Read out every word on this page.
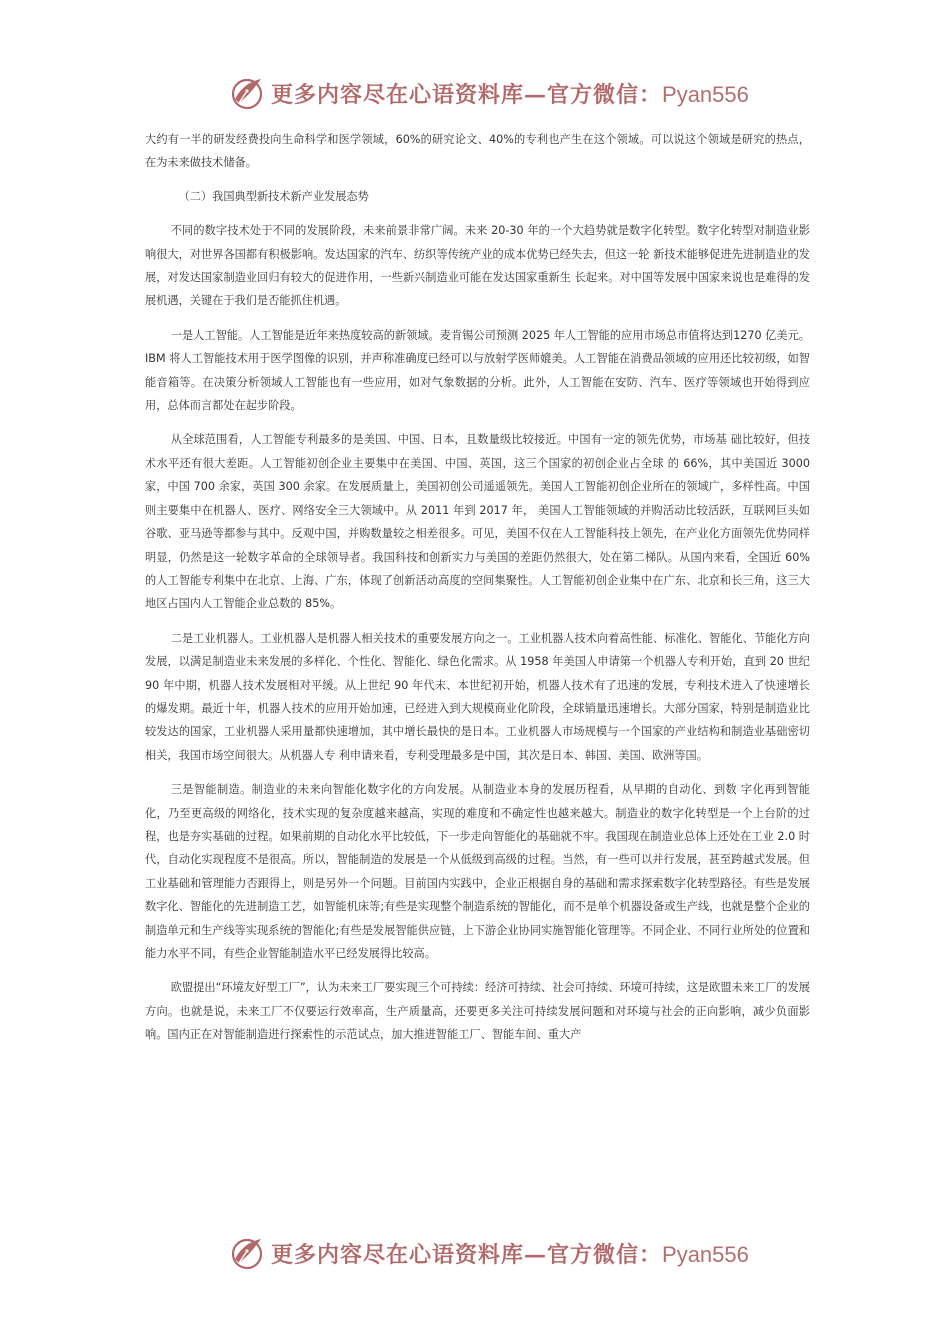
更多内容尽在心语资料库—官方微信：Pyan556

大约有一半的研发经费投向生命科学和医学领域，60%的研究论文、40%的专利也产生在这个领域。可以说这个领域是研究的热点，在为未来做技术储备。

（二）我国典型新技术新产业发展态势

不同的数字技术处于不同的发展阶段，未来前景非常广阔。未来 20-30 年的一个大趋势就是数字化转型。数字化转型对制造业影响很大，对世界各国都有积极影响。发达国家的汽车、纺织等传统产业的成本优势已经失去，但这一轮 新技术能够促进先进制造业的发展，对发达国家制造业回归有较大的促进作用，一些新兴制造业可能在发达国家重新生 长起来。对中国等发展中国家来说也是难得的发展机遇，关键在于我们是否能抓住机遇。

一是人工智能。人工智能是近年来热度较高的新领域。麦肯锡公司预测 2025 年人工智能的应用市场总市值将达到1270 亿美元。IBM 将人工智能技术用于医学图像的识别，并声称准确度已经可以与放射学医师媲美。人工智能在消费品领域的应用还比较初级，如智能音箱等。在决策分析领域人工智能也有一些应用，如对气象数据的分析。此外，人工智能在安防、汽车、医疗等领域也开始得到应用，总体而言都处在起步阶段。

从全球范围看，人工智能专利最多的是美国、中国、日本，且数量级比较接近。中国有一定的领先优势，市场基 础比较好，但技术水平还有很大差距。人工智能初创企业主要集中在美国、中国、英国，这三个国家的初创企业占全球 的 66%，其中美国近 3000 家，中国 700 余家，英国 300 余家。在发展质量上，美国初创公司遥遥领先。美国人工智能初创企业所在的领域广，多样性高。中国则主要集中在机器人、医疗、网络安全三大领域中。从 2011 年到 2017 年， 美国人工智能领域的并购活动比较活跃，互联网巨头如谷歌、亚马逊等都参与其中。反观中国，并购数量较之相差很多。可见，美国不仅在人工智能科技上领先，在产业化方面领先优势同样明显，仍然是这一轮数字革命的全球领导者。我国科技和创新实力与美国的差距仍然很大，处在第二梯队。从国内来看，全国近 60%的人工智能专利集中在北京、上海、广东，体现了创新活动高度的空间集聚性。人工智能初创企业集中在广东、北京和长三角，这三大地区占国内人工智能企业总数的 85%。

二是工业机器人。工业机器人是机器人相关技术的重要发展方向之一。工业机器人技术向着高性能、标准化、智能化、节能化方向发展，以满足制造业未来发展的多样化、个性化、智能化、绿色化需求。从 1958 年美国人申请第一个机器人专利开始，直到 20 世纪 90 年中期，机器人技术发展相对平缓。从上世纪 90 年代末、本世纪初开始，机器人技术有了迅速的发展，专利技术进入了快速增长的爆发期。最近十年，机器人技术的应用开始加速，已经进入到大规模商业化阶段，全球销量迅速增长。大部分国家，特别是制造业比较发达的国家，工业机器人采用量都快速增加，其中增长最快的是日本。工业机器人市场规模与一个国家的产业结构和制造业基础密切相关，我国市场空间很大。从机器人专 利申请来看，专利受理最多是中国，其次是日本、韩国、美国、欧洲等国。

三是智能制造。制造业的未来向智能化数字化的方向发展。从制造业本身的发展历程看，从早期的自动化、到数 字化再到智能化，乃至更高级的网络化，技术实现的复杂度越来越高，实现的难度和不确定性也越来越大。制造业的数字化转型是一个上台阶的过程，也是夯实基础的过程。如果前期的自动化水平比较低，下一步走向智能化的基础就不牢。我国现在制造业总体上还处在工业 2.0 时代，自动化实现程度不是很高。所以，智能制造的发展是一个从低级到高级的过程。当然，有一些可以并行发展，甚至跨越式发展。但工业基础和管理能力否跟得上，则是另外一个问题。目前国内实践中，企业正根据自身的基础和需求探索数字化转型路径。有些是发展数字化、智能化的先进制造工艺，如智能机床等;有些是实现整个制造系统的智能化，而不是单个机器设备或生产线，也就是整个企业的制造单元和生产线等实现系统的智能化;有些是发展智能供应链，上下游企业协同实施智能化管理等。不同企业、不同行业所处的位置和能力水平不同，有些企业智能制造水平已经发展得比较高。

欧盟提出“环境友好型工厂”，认为未来工厂要实现三个可持续：经济可持续、社会可持续、环境可持续，这是欧盟未来工厂的发展方向。也就是说，未来工厂不仅要运行效率高，生产质量高，还要更多关注可持续发展问题和对环境与社会的正向影响，减少负面影响。国内正在对智能制造进行探索性的示范试点，加大推进智能工厂、智能车间、重大产

更多内容尽在心语资料库—官方微信：Pyan556
